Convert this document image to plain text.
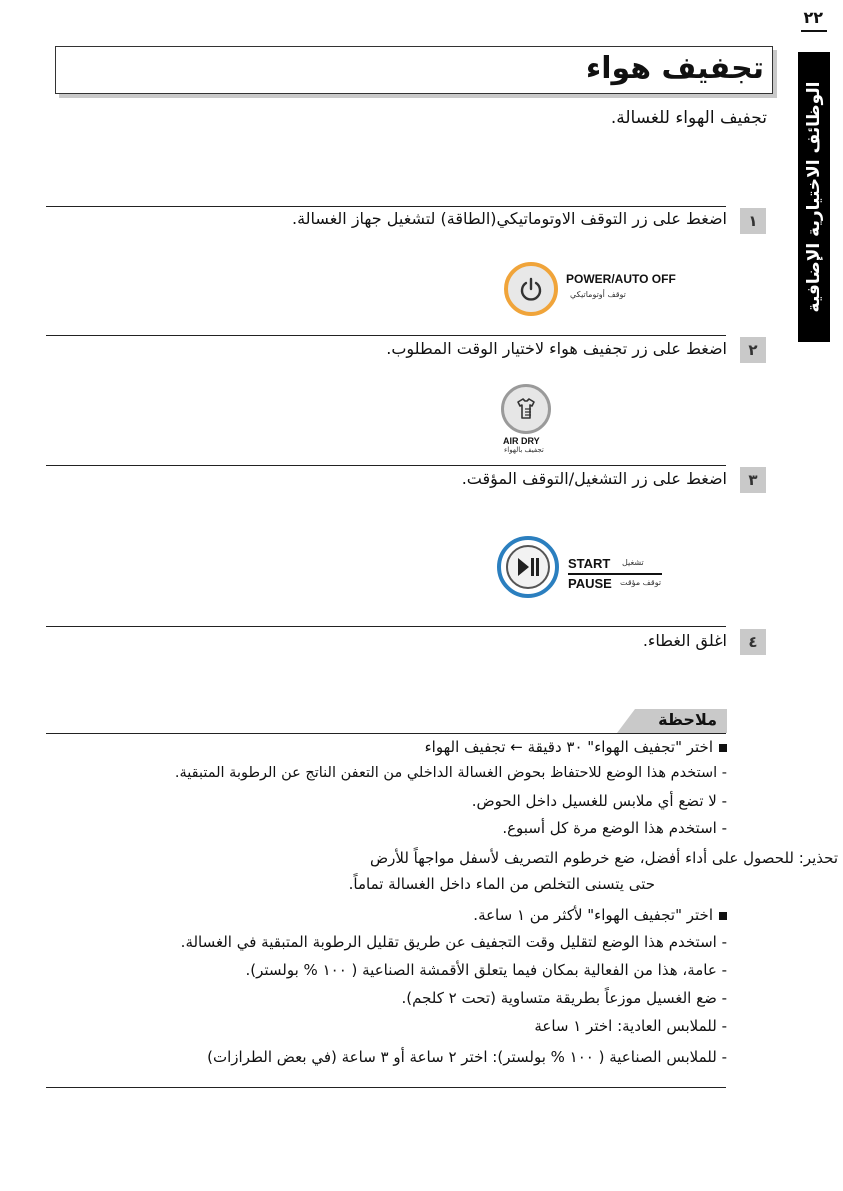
٢٢
الوظائف الاختيارية الإضافية
تجفيف هواء
تجفيف الهواء للغسالة.
١
اضغط على زر التوقف الاوتوماتيكي(الطاقة) لتشغيل جهاز الغسالة.
POWER/AUTO OFF
توقف أوتوماتيكي
٢
اضغط على زر تجفيف هواء لاختيار الوقت المطلوب.
AIR DRY
تجفيف بالهواء
٣
اضغط على زر التشغيل/التوقف المؤقت.
START تشغيل
PAUSE توقف مؤقت
٤
اغلق الغطاء.
ملاحظة
اختر "تجفيف الهواء" ٣٠ دقيقة ← تجفيف الهواء
- استخدم هذا الوضع للاحتفاظ بحوض الغسالة الداخلي من التعفن الناتج عن الرطوبة المتبقية.
- لا تضع أي ملابس للغسيل داخل الحوض.
- استخدم هذا الوضع مرة كل أسبوع.
تحذير: للحصول على أداء أفضل، ضع خرطوم التصريف لأسفل مواجهاً للأرض
حتى يتسنى التخلص من الماء داخل الغسالة تماماً.
اختر "تجفيف الهواء" لأكثر من ١ ساعة.
- استخدم هذا الوضع لتقليل وقت التجفيف عن طريق تقليل الرطوبة المتبقية في الغسالة.
- عامة، هذا من الفعالية بمكان فيما يتعلق الأقمشة الصناعية ( ١٠٠ % بولستر).
- ضع الغسيل موزعاً بطريقة متساوية (تحت ٢ كلجم).
- للملابس العادية: اختر ١ ساعة
- للملابس الصناعية ( ١٠٠ % بولستر): اختر ٢ ساعة أو ٣ ساعة (في بعض الطرازات)
